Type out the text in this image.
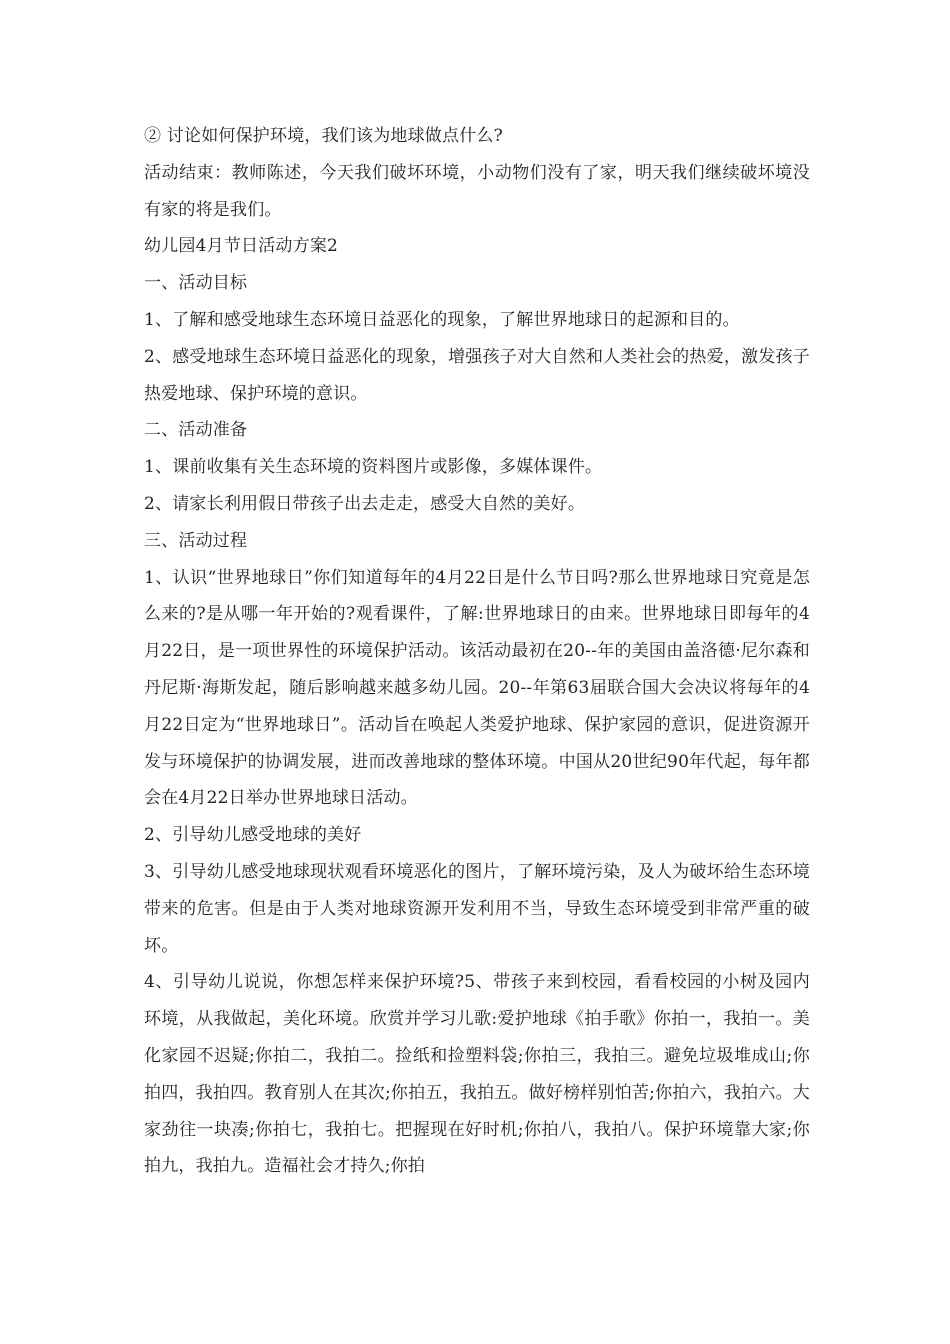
② 讨论如何保护环境，我们该为地球做点什么?

活动结束：教师陈述，今天我们破坏环境，小动物们没有了家，明天我们继续破坏境没有家的将是我们。

幼儿园4月节日活动方案2

一、活动目标

1、了解和感受地球生态环境日益恶化的现象，了解世界地球日的起源和目的。

2、感受地球生态环境日益恶化的现象，增强孩子对大自然和人类社会的热爱，激发孩子热爱地球、保护环境的意识。

二、活动准备

1、课前收集有关生态环境的资料图片或影像，多媒体课件。

2、请家长利用假日带孩子出去走走，感受大自然的美好。

三、活动过程

1、认识“世界地球日”你们知道每年的4月22日是什么节日吗?那么世界地球日究竟是怎么来的?是从哪一年开始的?观看课件，了解:世界地球日的由来。世界地球日即每年的4月22日，是一项世界性的环境保护活动。该活动最初在20--年的美国由盖洛德·尼尔森和丹尼斯·海斯发起，随后影响越来越多幼儿园。20--年第63届联合国大会决议将每年的4月22日定为“世界地球日”。活动旨在唤起人类爱护地球、保护家园的意识，促进资源开发与环境保护的协调发展，进而改善地球的整体环境。中国从20世纪90年代起，每年都会在4月22日举办世界地球日活动。

2、引导幼儿感受地球的美好

3、引导幼儿感受地球现状观看环境恶化的图片，了解环境污染，及人为破坏给生态环境带来的危害。但是由于人类对地球资源开发利用不当，导致生态环境受到非常严重的破坏。

4、引导幼儿说说，你想怎样来保护环境?5、带孩子来到校园，看看校园的小树及园内环境，从我做起，美化环境。欣赏并学习儿歌:爱护地球《拍手歌》你拍一，我拍一。美化家园不迟疑;你拍二，我拍二。捡纸和捡塑料袋;你拍三，我拍三。避免垃圾堆成山;你拍四，我拍四。教育别人在其次;你拍五，我拍五。做好榜样别怕苦;你拍六，我拍六。大家劲往一块凑;你拍七，我拍七。把握现在好时机;你拍八，我拍八。保护环境靠大家;你拍九，我拍九。造福社会才持久;你拍
